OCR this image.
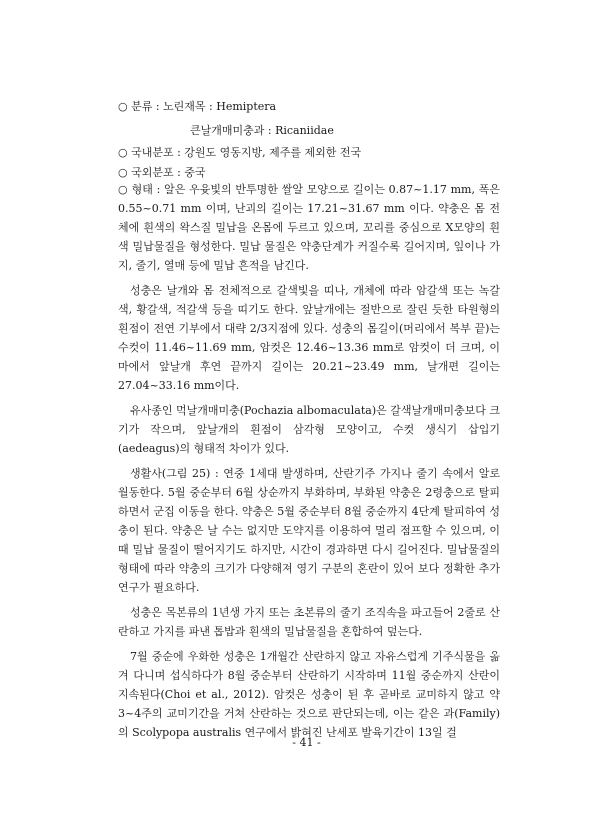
○ 분류 : 노린재목 : Hemiptera
큰날개매미충과 : Ricaniidae
○ 국내분포 : 강원도 영동지방, 제주를 제외한 전국
○ 국외분포 : 중국

○ 형태 : 알은 우윳빛의 반투명한 쌀알 모양으로 길이는 0.87~1.17 mm, 폭은 0.55~0.71 mm 이며, 난괴의 길이는 17.21~31.67 mm 이다. 약충은 몸 전체에 흰색의 왁스질 밀납을 온몸에 두르고 있으며, 꼬리를 중심으로 X모양의 흰색 밀납물질을 형성한다. 밀납 물질은 약충단계가 커질수록 길어지며, 잎이나 가지, 줄기, 열매 등에 밀납 흔적을 남긴다.

성충은 날개와 몸 전체적으로 갈색빛을 띠나, 개체에 따라 암갈색 또는 녹갈색, 황갈색, 적갈색 등을 띠기도 한다. 앞날개에는 절반으로 잘린 듯한 타원형의 흰점이 전연 기부에서 대략 2/3지점에 있다. 성충의 몸길이(머리에서 복부 끝)는 수컷이 11.46~11.69 mm, 암컷은 12.46~13.36 mm로 암컷이 더 크며, 이마에서 앞날개 후연 끝까지 길이는 20.21~23.49 mm, 날개편 길이는 27.04~33.16 mm이다.

유사종인 먹날개매미충(Pochazia albomaculata)은 갈색날개매미충보다 크기가 작으며, 앞날개의 흰점이 삼각형 모양이고, 수컷 생식기 삽입기(aedeagus)의 형태적 차이가 있다.

생활사(그림 25) : 연중 1세대 발생하며, 산란기주 가지나 줄기 속에서 알로 월동한다. 5월 중순부터 6월 상순까지 부화하며, 부화된 약충은 2령충으로 탈피하면서 군집 이동을 한다. 약충은 5월 중순부터 8월 중순까지 4단계 탈피하여 성충이 된다. 약충은 날 수는 없지만 도약지를 이용하여 멀리 점프할 수 있으며, 이때 밀납 물질이 떨어지기도 하지만, 시간이 경과하면 다시 길어진다. 밀납물질의 형태에 따라 약충의 크기가 다양해져 영기 구분의 혼란이 있어 보다 정확한 추가연구가 필요하다.

성충은 목본류의 1년생 가지 또는 초본류의 줄기 조직속을 파고들어 2줄로 산란하고 가지를 파낸 톱밥과 흰색의 밀납물질을 혼합하여 덮는다.

7월 중순에 우화한 성충은 1개월간 산란하지 않고 자유스럽게 기주식물을 옮겨 다니며 섭식하다가 8월 중순부터 산란하기 시작하며 11월 중순까지 산란이 지속된다(Choi et al., 2012). 암컷은 성충이 된 후 곧바로 교미하지 않고 약 3~4주의 교미기간을 거쳐 산란하는 것으로 판단되는데, 이는 같은 과(Family)의 Scolypopa australis 연구에서 밝혀진 난세포 발육기간이 13일 걸

- 41 -
